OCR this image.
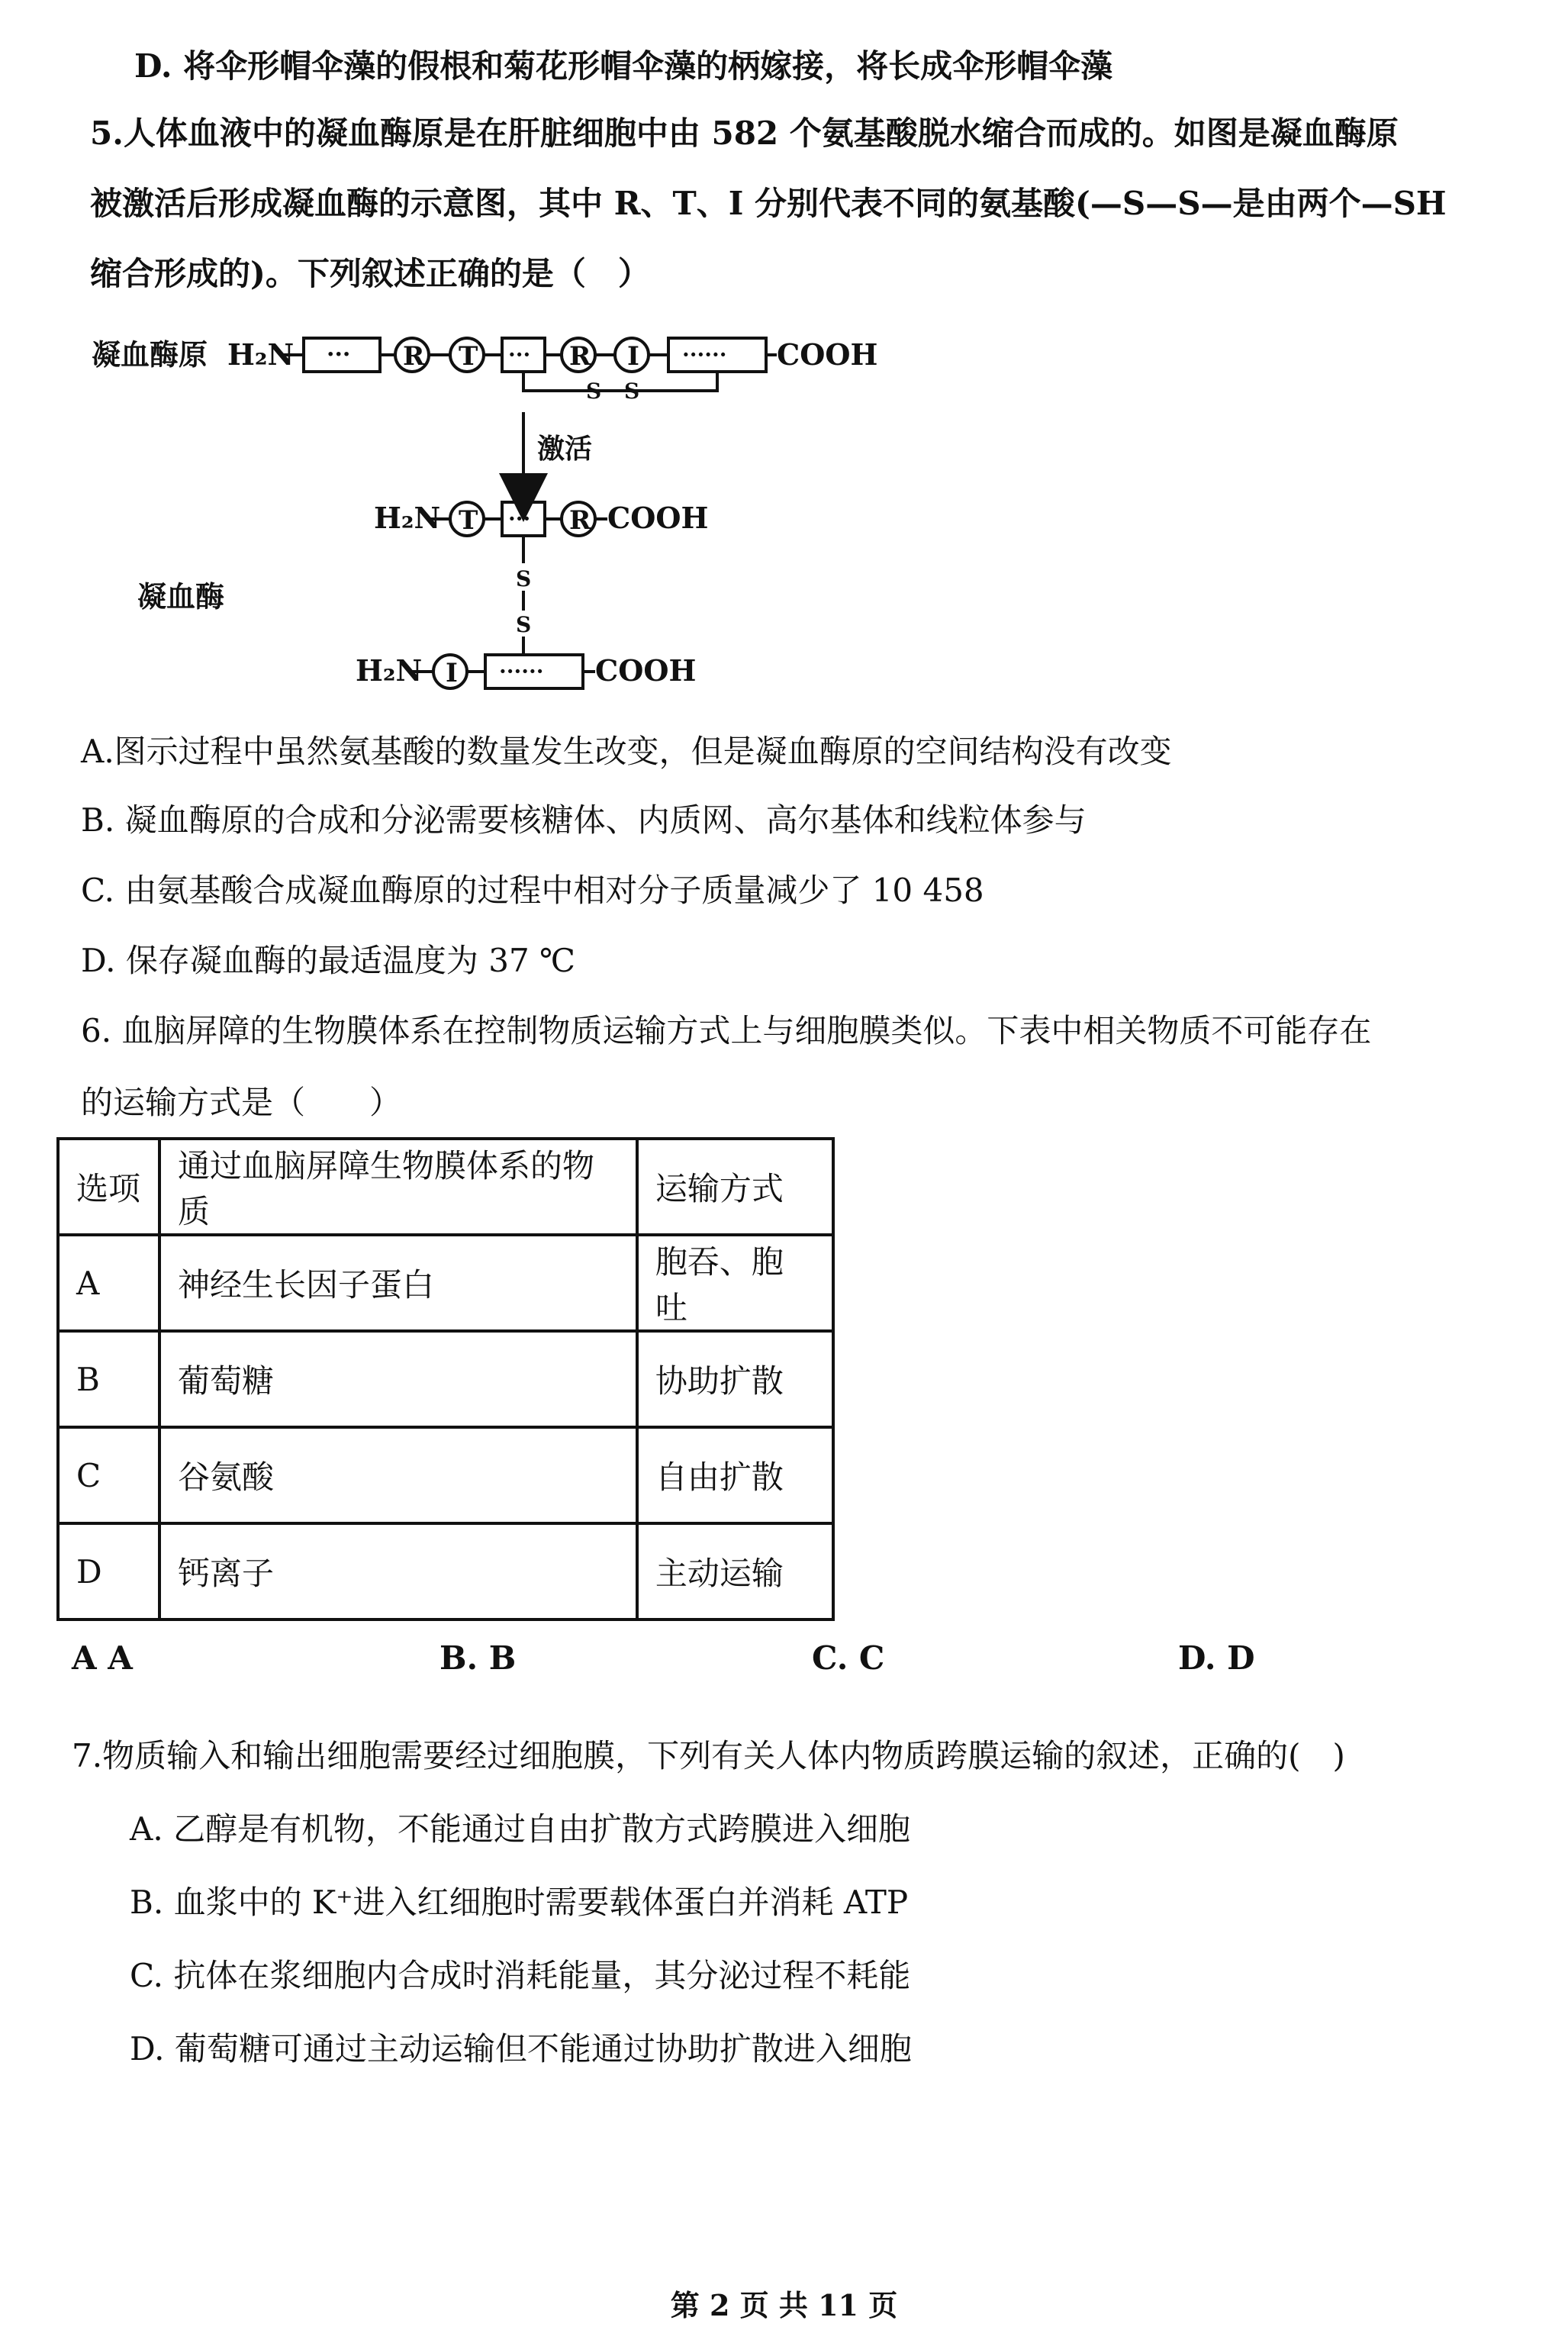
D. 将伞形帽伞藻的假根和菊花形帽伞藻的柄嫁接，将长成伞形帽伞藻
5.人体血液中的凝血酶原是在肝脏细胞中由 582 个氨基酸脱水缩合而成的。如图是凝血酶原
被激活后形成凝血酶的示意图，其中 R、T、I 分别代表不同的氨基酸(—S—S—是由两个—SH
缩合形成的)。下列叙述正确的是（　）
凝血酶原
凝血酶
H₂N ··· R T ··· R I ······ COOH
S S
激活
H₂N T ··· R COOH
S
S
H₂N I ······ COOH
A.图示过程中虽然氨基酸的数量发生改变，但是凝血酶原的空间结构没有改变
B. 凝血酶原的合成和分泌需要核糖体、内质网、高尔基体和线粒体参与
C. 由氨基酸合成凝血酶原的过程中相对分子质量减少了 10 458
D. 保存凝血酶的最适温度为 37 ℃
6. 血脑屏障的生物膜体系在控制物质运输方式上与细胞膜类似。下表中相关物质不可能存在
的运输方式是（　　）
选项	通过血脑屏障生物膜体系的物质	运输方式
A	神经生长因子蛋白	胞吞、胞吐
B	葡萄糖	协助扩散
C	谷氨酸	自由扩散
D	钙离子	主动运输
A A	B. B	C. C	D. D
7.物质输入和输出细胞需要经过细胞膜，下列有关人体内物质跨膜运输的叙述，正确的(　)
A. 乙醇是有机物，不能通过自由扩散方式跨膜进入细胞
B. 血浆中的 K⁺进入红细胞时需要载体蛋白并消耗 ATP
C. 抗体在浆细胞内合成时消耗能量，其分泌过程不耗能
D. 葡萄糖可通过主动运输但不能通过协助扩散进入细胞
第 2 页 共 11 页
